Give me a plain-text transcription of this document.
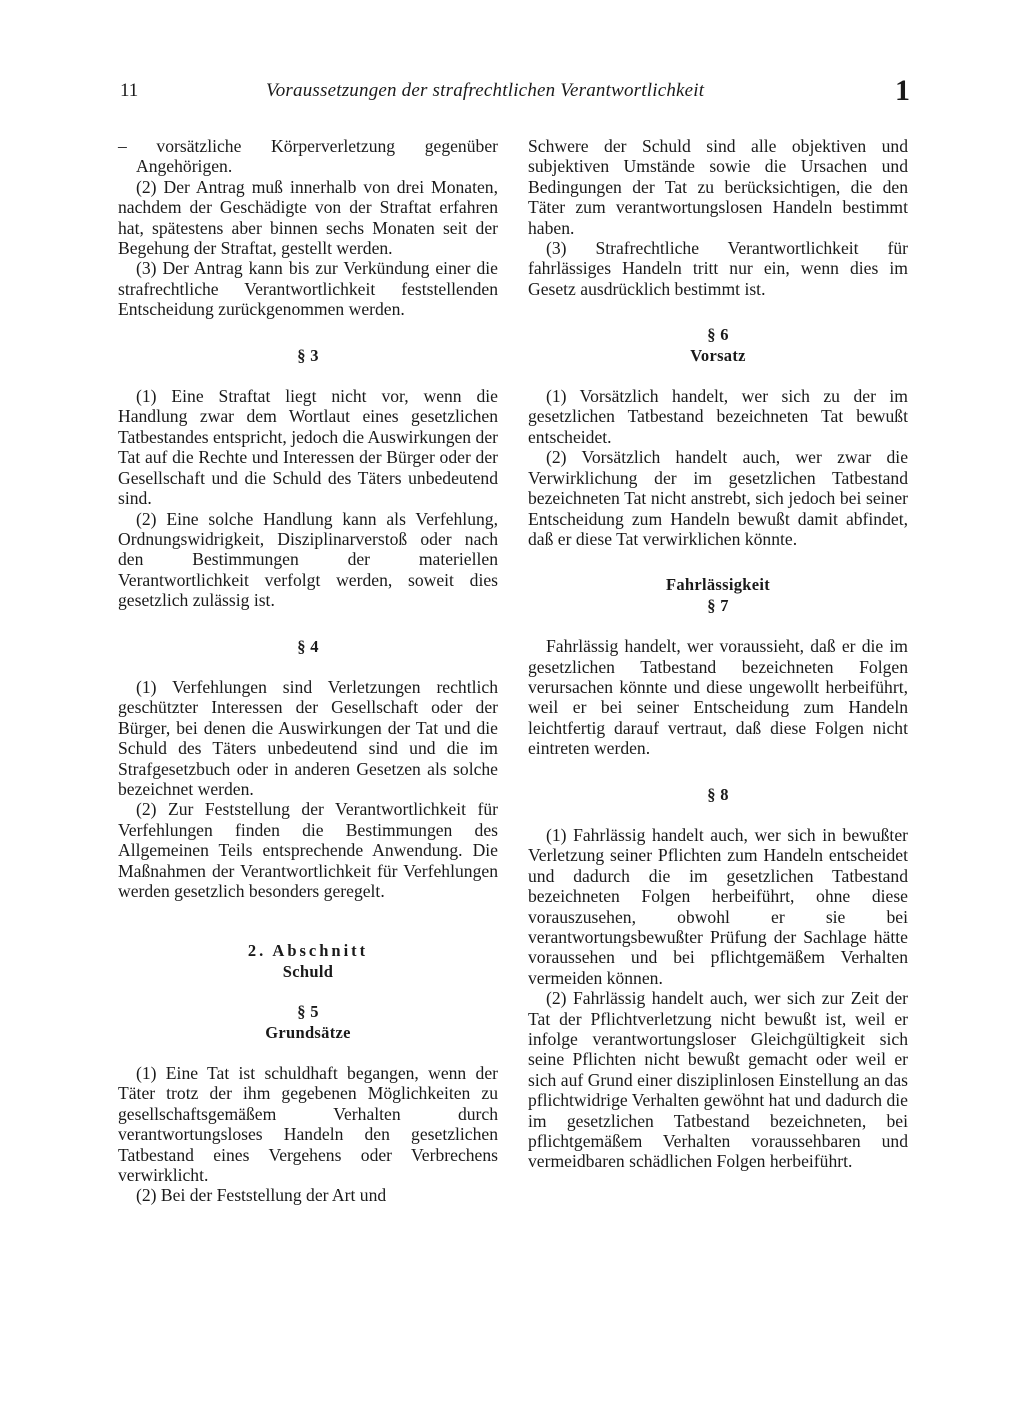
11	Voraussetzungen der strafrechtlichen Verantwortlichkeit	1

– vorsätzliche Körperverletzung gegenüber Angehörigen.

(2) Der Antrag muß innerhalb von drei Monaten, nachdem der Geschädigte von der Straftat erfahren hat, spätestens aber binnen sechs Monaten seit der Begehung der Straftat, gestellt werden.

(3) Der Antrag kann bis zur Verkündung einer die strafrechtliche Verantwortlichkeit feststellenden Entscheidung zurückgenommen werden.

§ 3

(1) Eine Straftat liegt nicht vor, wenn die Handlung zwar dem Wortlaut eines gesetzlichen Tatbestandes entspricht, jedoch die Auswirkungen der Tat auf die Rechte und Interessen der Bürger oder der Gesellschaft und die Schuld des Täters unbedeutend sind.

(2) Eine solche Handlung kann als Verfehlung, Ordnungswidrigkeit, Disziplinarverstoß oder nach den Bestimmungen der materiellen Verantwortlichkeit verfolgt werden, soweit dies gesetzlich zulässig ist.

§ 4

(1) Verfehlungen sind Verletzungen rechtlich geschützter Interessen der Gesellschaft oder der Bürger, bei denen die Auswirkungen der Tat und die Schuld des Täters unbedeutend sind und die im Strafgesetzbuch oder in anderen Gesetzen als solche bezeichnet werden.

(2) Zur Feststellung der Verantwortlichkeit für Verfehlungen finden die Bestimmungen des Allgemeinen Teils entsprechende Anwendung. Die Maßnahmen der Verantwortlichkeit für Verfehlungen werden gesetzlich besonders geregelt.

2. Abschnitt

Schuld

§ 5

Grundsätze

(1) Eine Tat ist schuldhaft begangen, wenn der Täter trotz der ihm gegebenen Möglichkeiten zu gesellschaftsgemäßem Verhalten durch verantwortungsloses Handeln den gesetzlichen Tatbestand eines Vergehens oder Verbrechens verwirklicht.

(2) Bei der Feststellung der Art und

Schwere der Schuld sind alle objektiven und subjektiven Umstände sowie die Ursachen und Bedingungen der Tat zu berücksichtigen, die den Täter zum verantwortungslosen Handeln bestimmt haben.

(3) Strafrechtliche Verantwortlichkeit für fahrlässiges Handeln tritt nur ein, wenn dies im Gesetz ausdrücklich bestimmt ist.

§ 6

Vorsatz

(1) Vorsätzlich handelt, wer sich zu der im gesetzlichen Tatbestand bezeichneten Tat bewußt entscheidet.

(2) Vorsätzlich handelt auch, wer zwar die Verwirklichung der im gesetzlichen Tatbestand bezeichneten Tat nicht anstrebt, sich jedoch bei seiner Entscheidung zum Handeln bewußt damit abfindet, daß er diese Tat verwirklichen könnte.

Fahrlässigkeit

§ 7

Fahrlässig handelt, wer voraussieht, daß er die im gesetzlichen Tatbestand bezeichneten Folgen verursachen könnte und diese ungewollt herbeiführt, weil er bei seiner Entscheidung zum Handeln leichtfertig darauf vertraut, daß diese Folgen nicht eintreten werden.

§ 8

(1) Fahrlässig handelt auch, wer sich in bewußter Verletzung seiner Pflichten zum Handeln entscheidet und dadurch die im gesetzlichen Tatbestand bezeichneten Folgen herbeiführt, ohne diese vorauszusehen, obwohl er sie bei verantwortungsbewußter Prüfung der Sachlage hätte voraussehen und bei pflichtgemäßem Verhalten vermeiden können.

(2) Fahrlässig handelt auch, wer sich zur Zeit der Tat der Pflichtverletzung nicht bewußt ist, weil er infolge verantwortungsloser Gleichgültigkeit sich seine Pflichten nicht bewußt gemacht oder weil er sich auf Grund einer disziplinlosen Einstellung an das pflichtwidrige Verhalten gewöhnt hat und dadurch die im gesetzlichen Tatbestand bezeichneten, bei pflichtgemäßem Verhalten voraussehbaren und vermeidbaren schädlichen Folgen herbeiführt.
